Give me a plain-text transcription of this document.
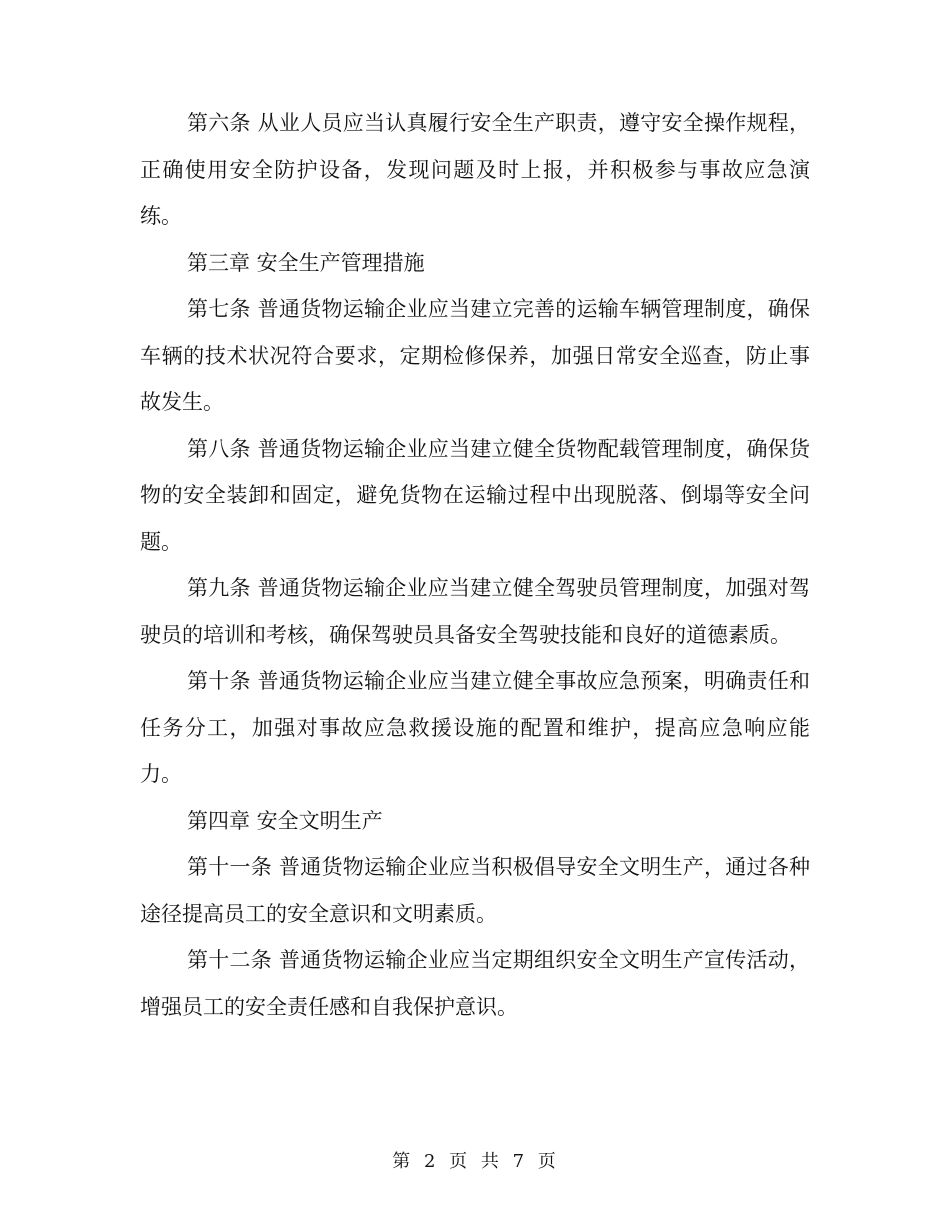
第六条 从业人员应当认真履行安全生产职责，遵守安全操作规程，正确使用安全防护设备，发现问题及时上报，并积极参与事故应急演练。

第三章 安全生产管理措施

第七条 普通货物运输企业应当建立完善的运输车辆管理制度，确保车辆的技术状况符合要求，定期检修保养，加强日常安全巡查，防止事故发生。

第八条 普通货物运输企业应当建立健全货物配载管理制度，确保货物的安全装卸和固定，避免货物在运输过程中出现脱落、倒塌等安全问题。

第九条 普通货物运输企业应当建立健全驾驶员管理制度，加强对驾驶员的培训和考核，确保驾驶员具备安全驾驶技能和良好的道德素质。

第十条 普通货物运输企业应当建立健全事故应急预案，明确责任和任务分工，加强对事故应急救援设施的配置和维护，提高应急响应能力。

第四章 安全文明生产

第十一条 普通货物运输企业应当积极倡导安全文明生产，通过各种途径提高员工的安全意识和文明素质。

第十二条 普通货物运输企业应当定期组织安全文明生产宣传活动，增强员工的安全责任感和自我保护意识。

第 2 页 共 7 页
